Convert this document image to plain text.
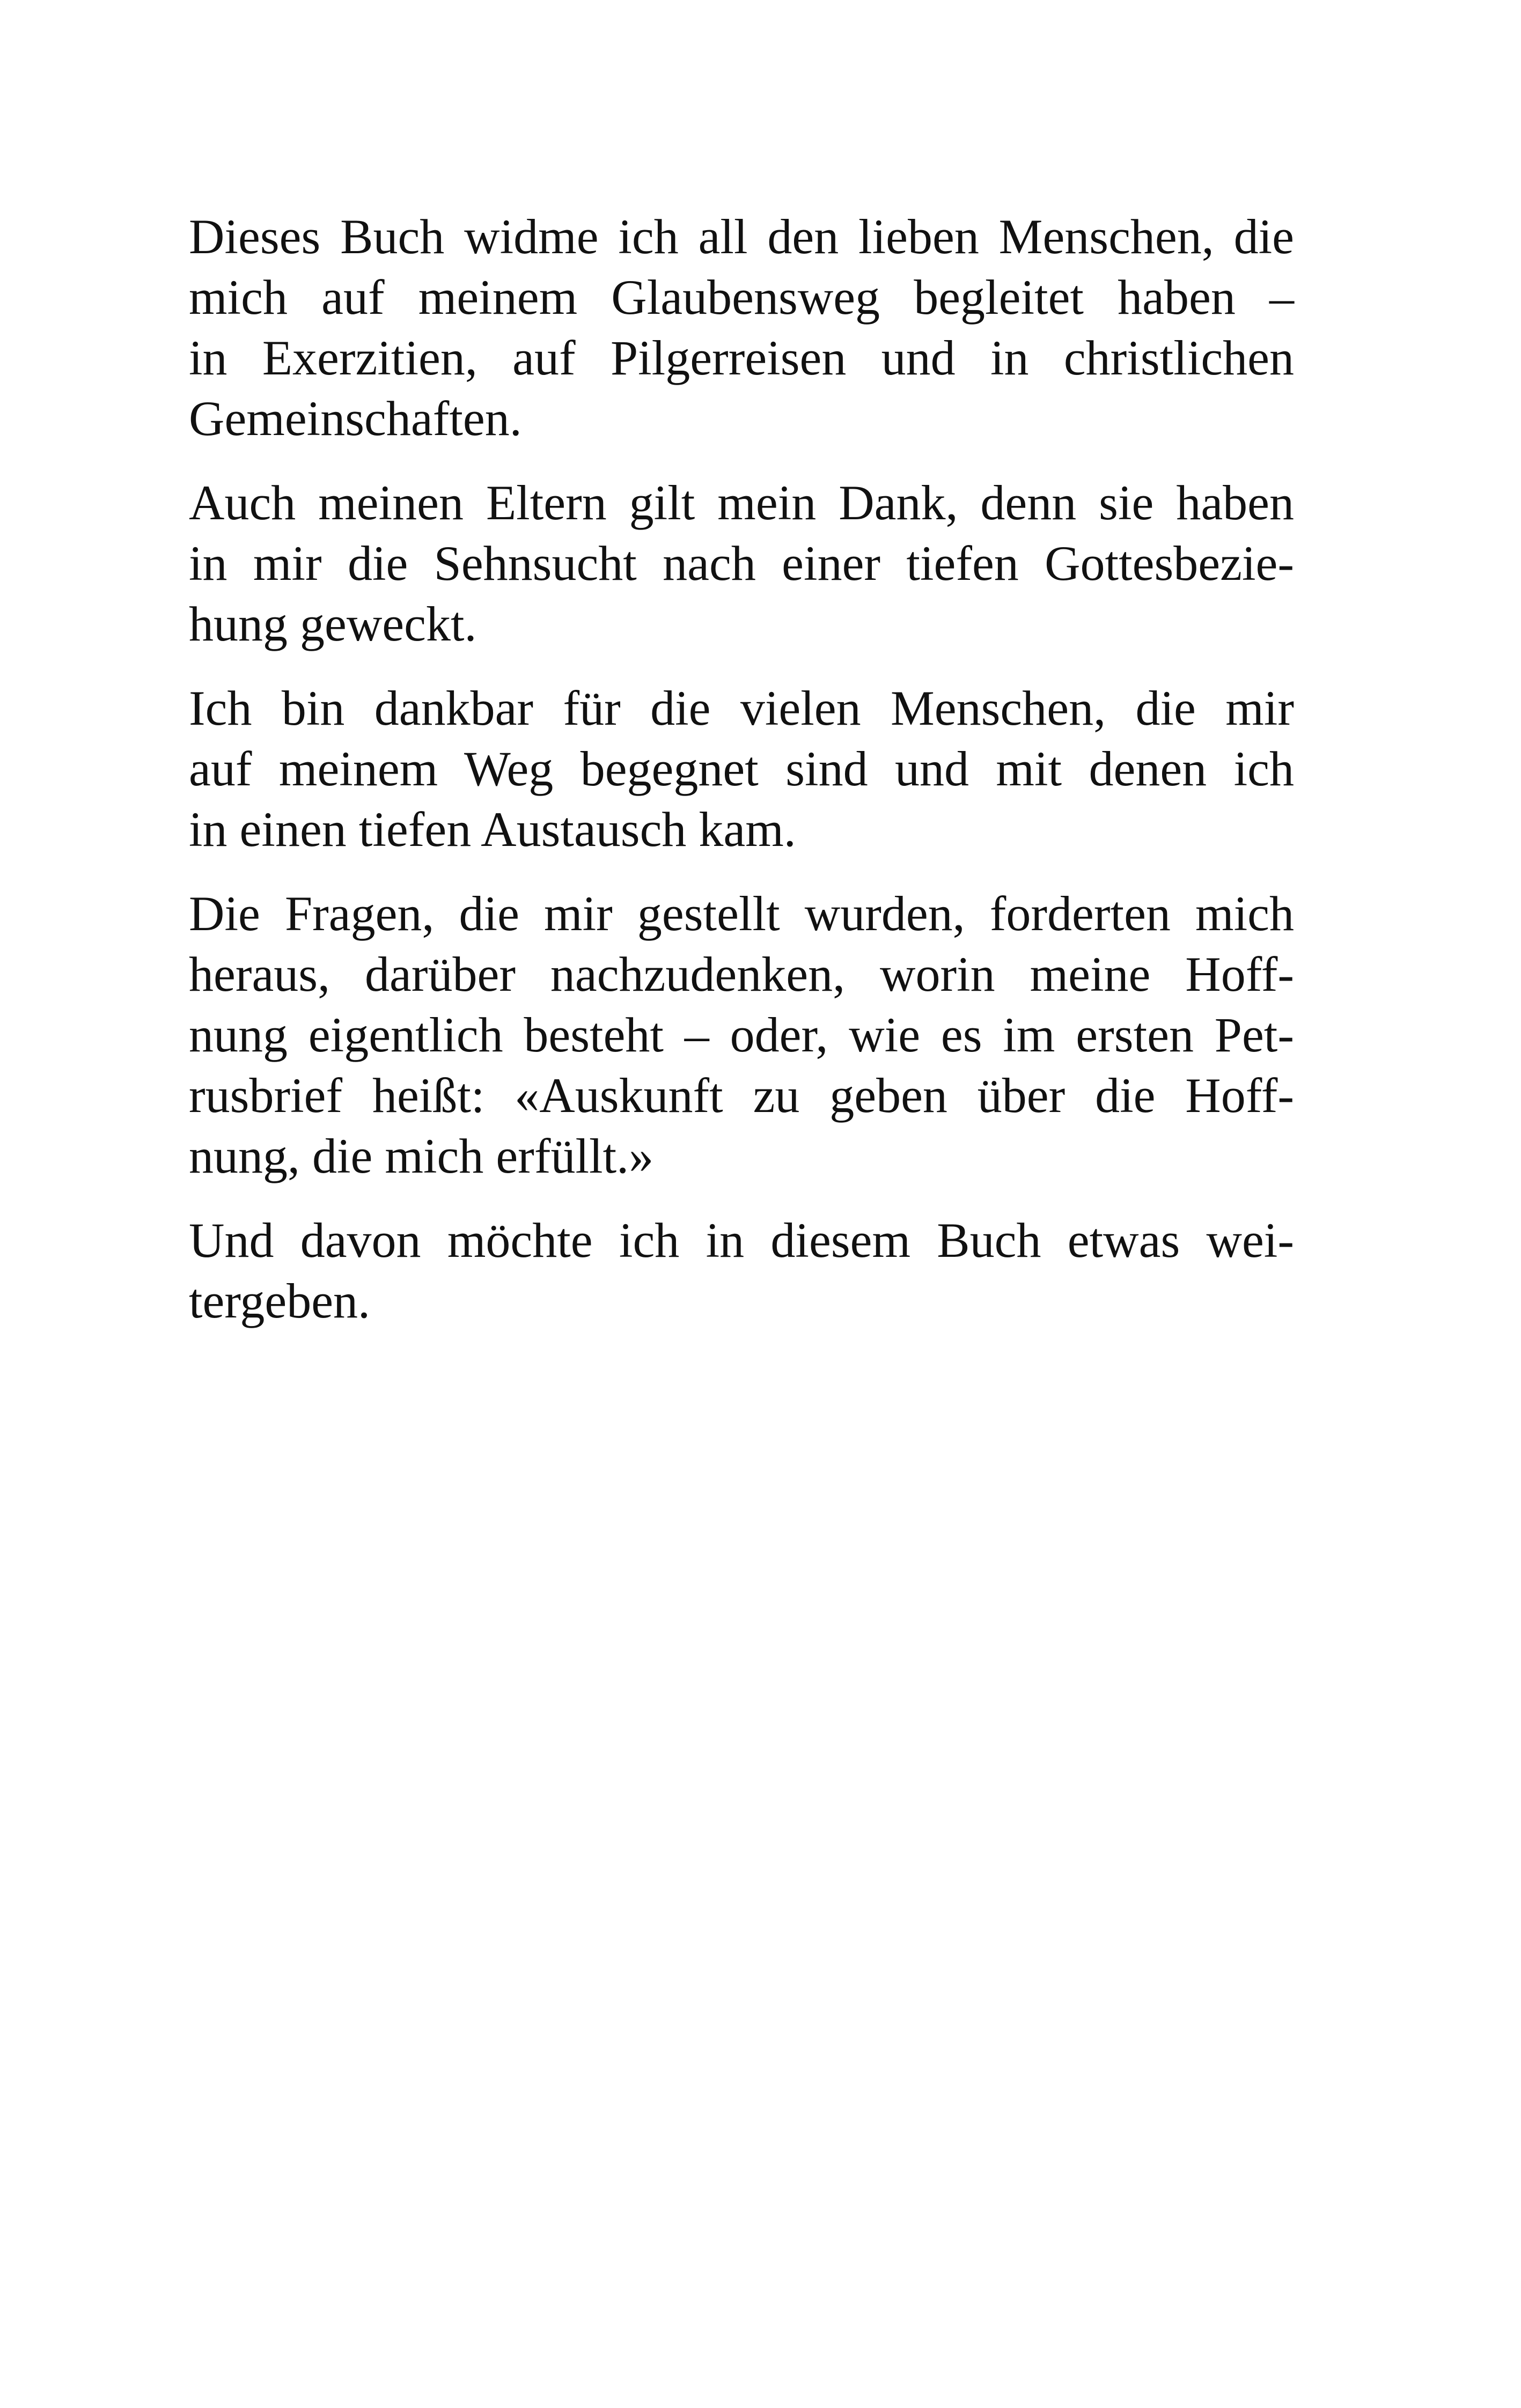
Dieses Buch widme ich all den lieben Menschen, die
mich auf meinem Glaubensweg begleitet haben –
in Exerzitien, auf Pilgerreisen und in christlichen
Gemeinschaften.
Auch meinen Eltern gilt mein Dank, denn sie haben
in mir die Sehnsucht nach einer tiefen Gottesbezie-
hung geweckt.
Ich bin dankbar für die vielen Menschen, die mir
auf meinem Weg begegnet sind und mit denen ich
in einen tiefen Austausch kam.
Die Fragen, die mir gestellt wurden, forderten mich
heraus, darüber nachzudenken, worin meine Hoff-
nung eigentlich besteht – oder, wie es im ersten Pet-
rusbrief heißt: «Auskunft zu geben über die Hoff-
nung, die mich erfüllt.»
Und davon möchte ich in diesem Buch etwas wei-
tergeben.
